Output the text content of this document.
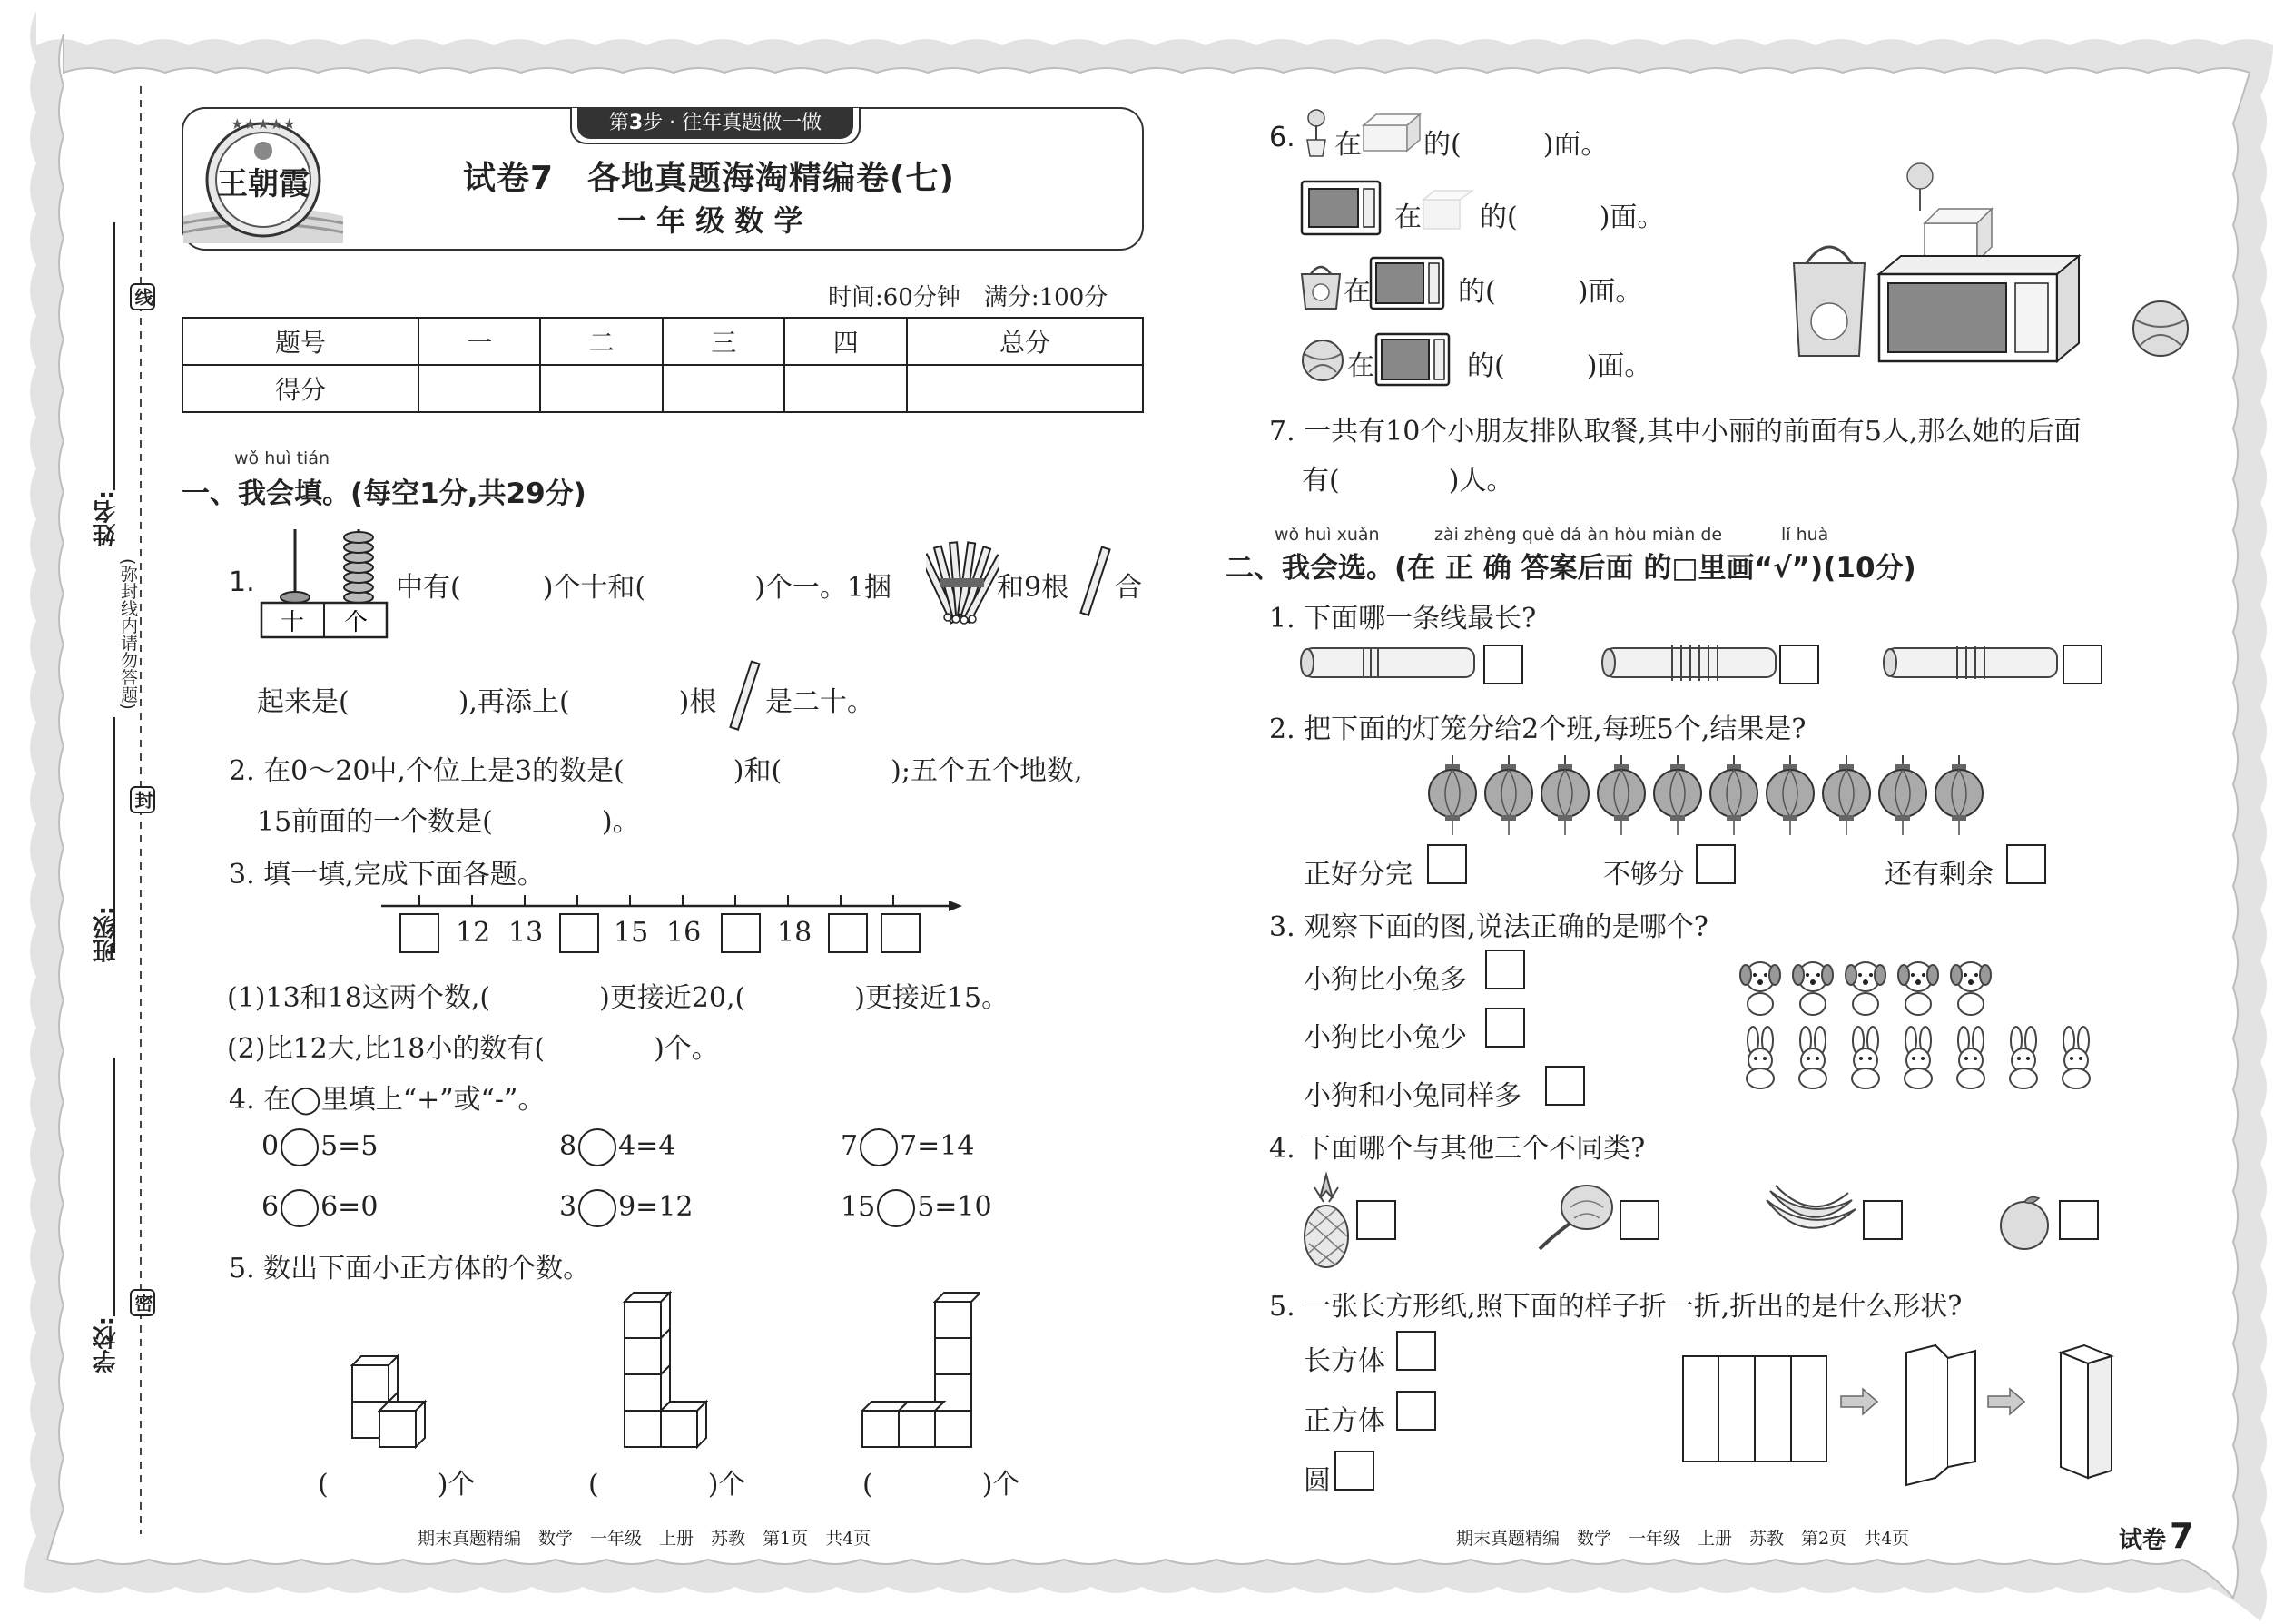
姓名:
班级:
学校:
线
封
密
(弥封线内请勿答题)
★★★★★
王朝霞
第3步 · 往年真题做一做
试卷7　各地真题海淘精编卷(七)
一 年 级 数 学
时间:60分钟　满分:100分
题号	一	二	三	四	总分
得分					
wǒ huì tián
一、我会填。(每空1分,共29分)
1.
十 个
中有(　　　)个十和(　　　　)个一。1捆	和9根 合
起来是(　　　　),再添上(　　　　)根 是二十。
2. 在0～20中,个位上是3的数是(　　　　)和(　　　　);五个五个地数,
15前面的一个数是(　　　　)。
3. 填一填,完成下面各题。
12 13	15 16	18
(1)13和18这两个数,(　　　　)更接近20,(　　　　)更接近15。
(2)比12大,比18小的数有(　　　　)个。
4. 在◯里填上“+”或“-”。
0 5=5	8 4=4	7 7=14
6 6=0	3 9=12	15 5=10
5. 数出下面小正方体的个数。
(　　　　)个	(　　　　)个	(　　　　)个
6. 在 的(　　　)面。
在 的(　　　)面。
在	的(　　　)面。
在	的(　　　)面。
7. 一共有10个小朋友排队取餐,其中小丽的前面有5人,那么她的后面
有(　　　　)人。
wǒ huì xuǎn	zài zhèng què dá àn hòu miàn de	lǐ huà
二、我会选。(在 正 确 答案后面 的□里画“√”)(10分)
1. 下面哪一条线最长?
2. 把下面的灯笼分给2个班,每班5个,结果是?
正好分完	不够分	还有剩余
3. 观察下面的图,说法正确的是哪个?
小狗比小兔多
小狗比小兔少
小狗和小兔同样多
4. 下面哪个与其他三个不同类?
5. 一张长方形纸,照下面的样子折一折,折出的是什么形状?
长方体
正方体
圆
期末真题精编　数学　一年级　上册　苏教　第1页　共4页	期末真题精编　数学　一年级　上册　苏教　第2页　共4页	试卷 7
